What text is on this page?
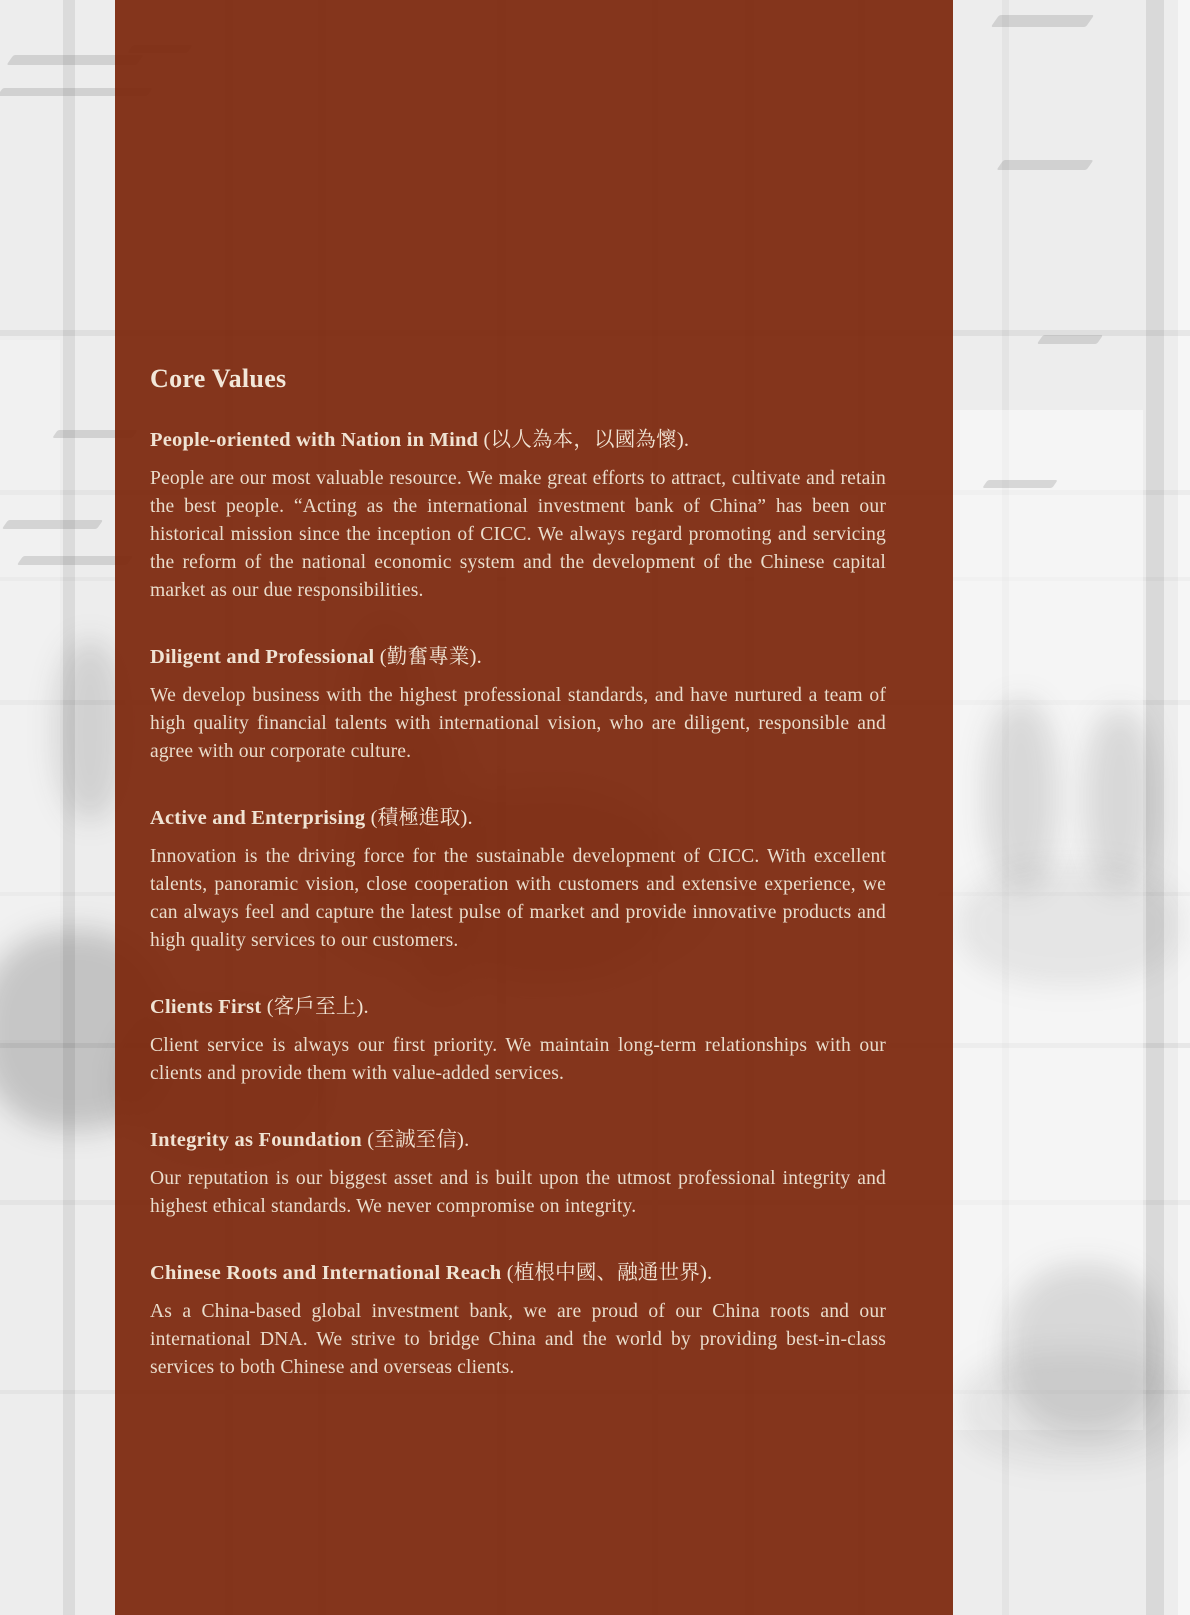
Core Values
People-oriented with Nation in Mind (以人為本，以國為懷).

People are our most valuable resource. We make great efforts to attract, cultivate and retain the best people. “Acting as the international investment bank of China” has been our historical mission since the inception of CICC. We always regard promoting and servicing the reform of the national economic system and the development of the Chinese capital market as our due responsibilities.

Diligent and Professional (勤奮專業).

We develop business with the highest professional standards, and have nurtured a team of high quality financial talents with international vision, who are diligent, responsible and agree with our corporate culture.

Active and Enterprising (積極進取).

Innovation is the driving force for the sustainable development of CICC. With excellent talents, panoramic vision, close cooperation with customers and extensive experience, we can always feel and capture the latest pulse of market and provide innovative products and high quality services to our customers.

Clients First (客戶至上).

Client service is always our first priority. We maintain long-term relationships with our clients and provide them with value-added services.

Integrity as Foundation (至誠至信).

Our reputation is our biggest asset and is built upon the utmost professional integrity and highest ethical standards. We never compromise on integrity.

Chinese Roots and International Reach (植根中國、融通世界).

As a China-based global investment bank, we are proud of our China roots and our international DNA. We strive to bridge China and the world by providing best-in-class services to both Chinese and overseas clients.
